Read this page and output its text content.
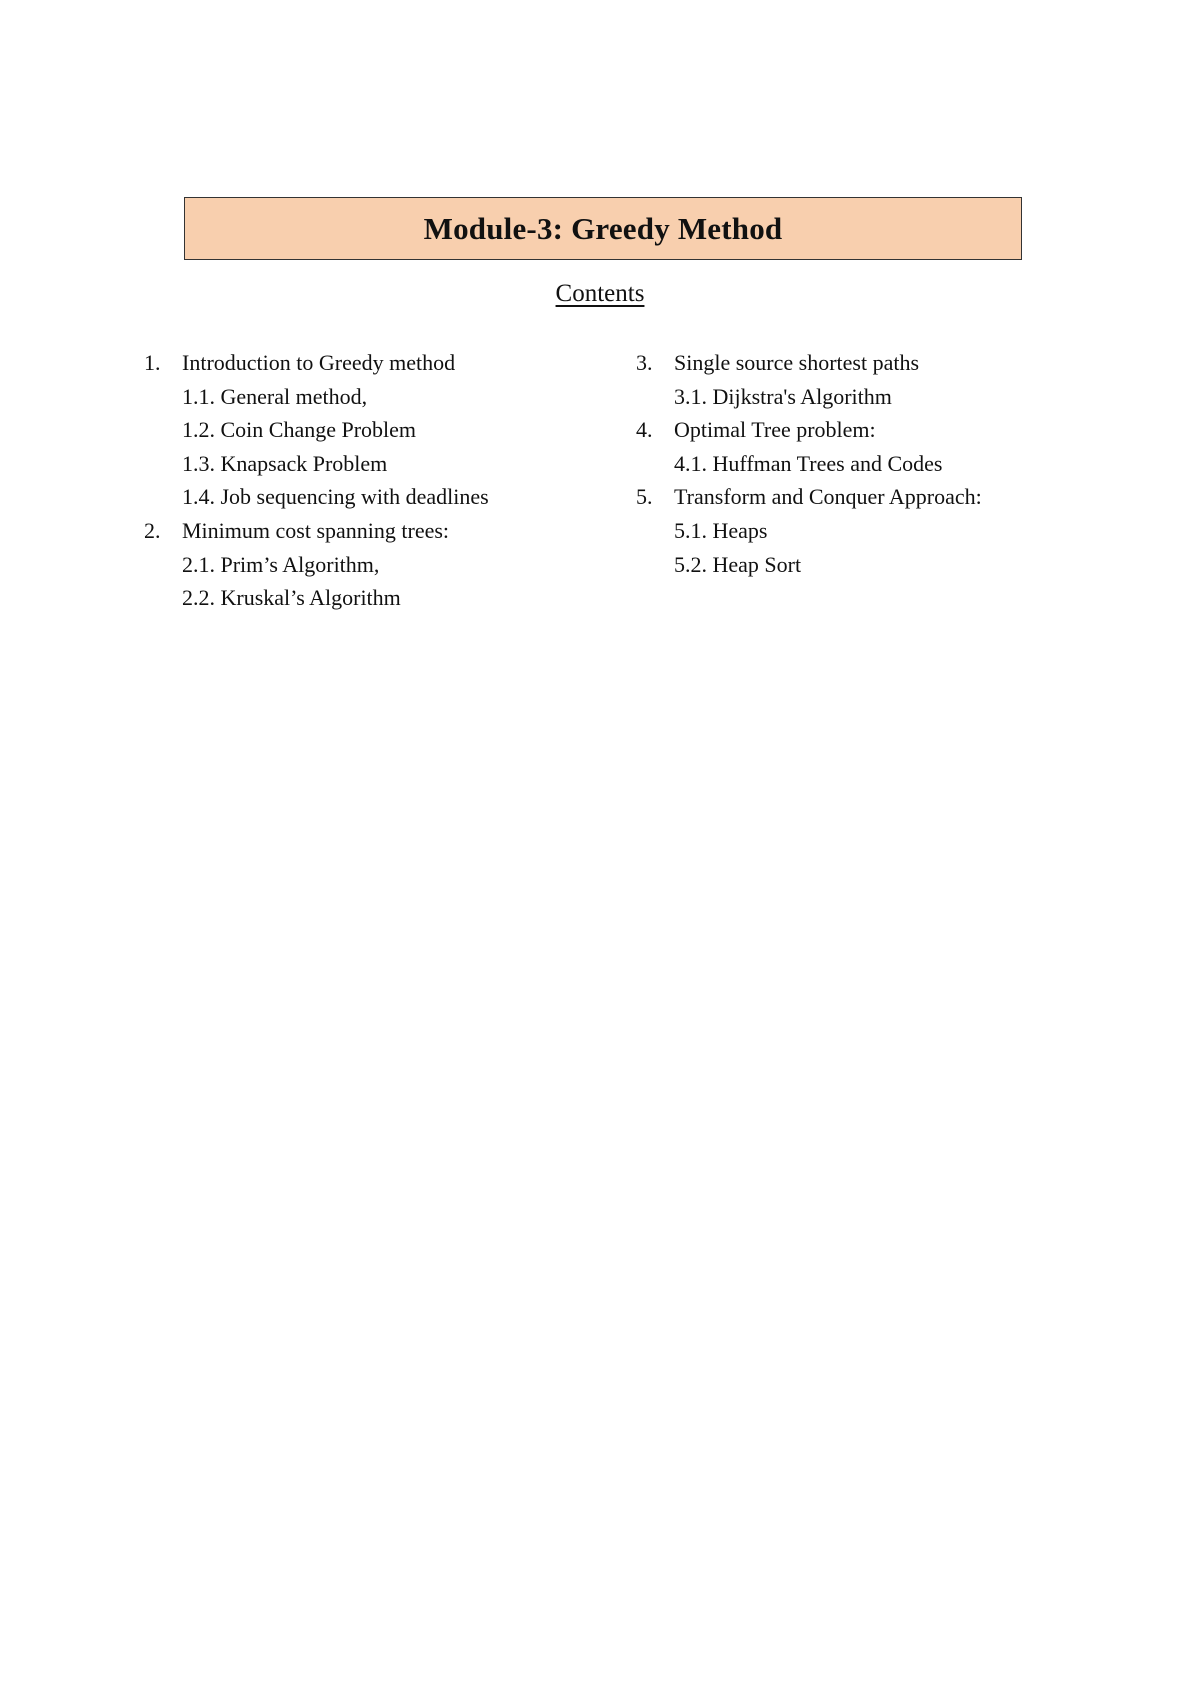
Module-3: Greedy Method
Contents
1. Introduction to Greedy method
1.1. General method,
1.2. Coin Change Problem
1.3. Knapsack Problem
1.4. Job sequencing with deadlines
2. Minimum cost spanning trees:
2.1. Prim’s Algorithm,
2.2. Kruskal’s Algorithm
3. Single source shortest paths
3.1. Dijkstra's Algorithm
4. Optimal Tree problem:
4.1. Huffman Trees and Codes
5. Transform and Conquer Approach:
5.1. Heaps
5.2. Heap Sort
